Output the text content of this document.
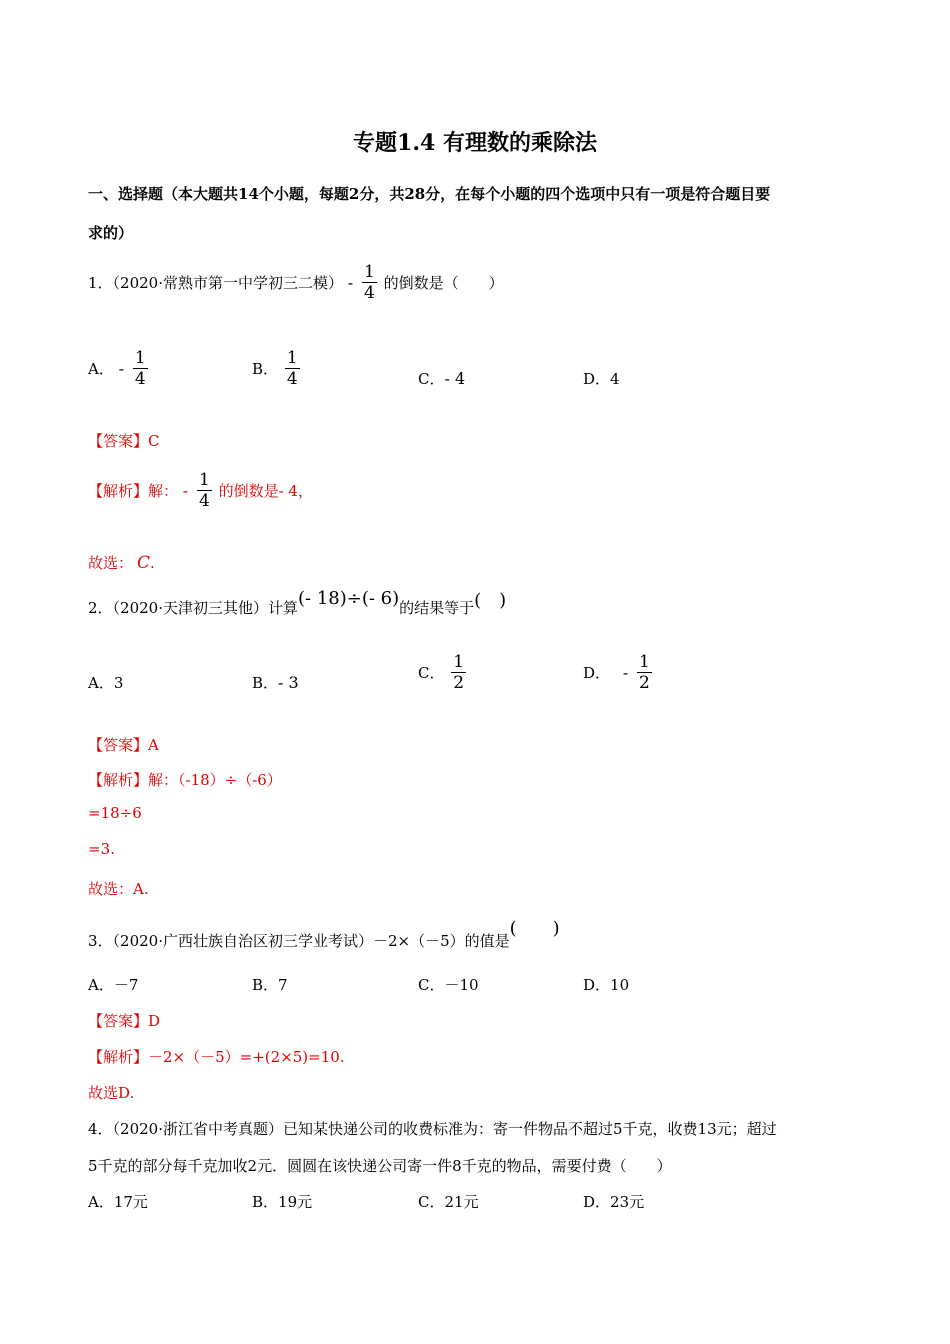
专题1.4 有理数的乘除法
一、选择题（本大题共14个小题，每题2分，共28分，在每个小题的四个选项中只有一项是符合题目要
求的）
1．（2020·常熟市第一中学初三二模） - $\frac{1}{4}$ 的倒数是（　　）
A． - $\frac{1}{4}$	B． $\frac{1}{4}$	C．- 4	D．4
【答案】C
【解析】解： - $\frac{1}{4}$ 的倒数是- 4，
故选： C.
2．（2020·天津初三其他）计算(- 18)÷(- 6)的结果等于(　)
A．3	B．- 3	C． $\frac{1}{2}$	D． - $\frac{1}{2}$
【答案】A
【解析】解：（-18）÷（-6）
=18÷6
=3.
故选：A.
3．（2020·广西壮族自治区初三学业考试）－2×（－5）的值是(　　)
A．－7	B．7	C．－10	D．10
【答案】D
【解析】－2×（－5）=+(2×5)=10.
故选D.
4．（2020·浙江省中考真题）已知某快递公司的收费标准为：寄一件物品不超过5千克，收费13元；超过
5千克的部分每千克加收2元．圆圆在该快递公司寄一件8千克的物品，需要付费（　　）
A．17元	B．19元	C．21元	D．23元
